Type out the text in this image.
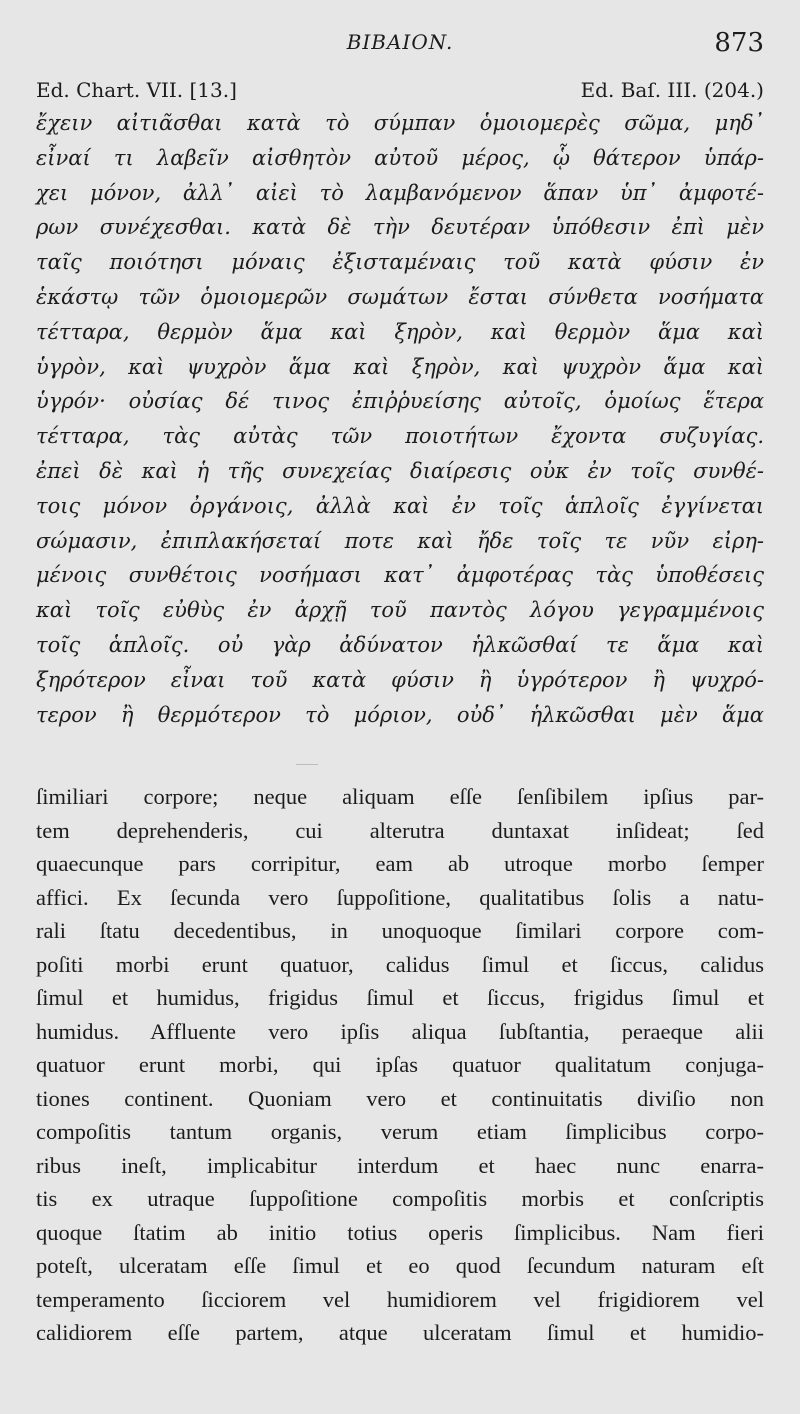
BIBAION.	873
Ed. Chart. VII. [13.]	Ed. Baſ. III. (204.)
ἔχειν αἰτιᾶσθαι κατὰ τὸ σύμπαν ὁμοιομερὲς σῶμα, μηδ᾽
εἶναί τι λαβεῖν αἰσθητὸν αὐτοῦ μέρος, ᾧ θάτερον ὑπάρ-
χει μόνον, ἀλλ᾽ αἰεὶ τὸ λαμβανόμενον ἅπαν ὑπ᾽ ἀμφοτέ-
ρων συνέχεσθαι. κατὰ δὲ τὴν δευτέραν ὑπόθεσιν ἐπὶ μὲν
ταῖς ποιότησι μόναις ἐξισταμέναις τοῦ κατὰ φύσιν ἐν
ἑκάστῳ τῶν ὁμοιομερῶν σωμάτων ἔσται σύνθετα νοσήματα
τέτταρα, θερμὸν ἅμα καὶ ξηρὸν, καὶ θερμὸν ἅμα καὶ
ὑγρὸν, καὶ ψυχρὸν ἅμα καὶ ξηρὸν, καὶ ψυχρὸν ἅμα καὶ
ὑγρόν· οὐσίας δέ τινος ἐπιῤῥυείσης αὐτοῖς, ὁμοίως ἕτερα
τέτταρα, τὰς αὐτὰς τῶν ποιοτήτων ἔχοντα συζυγίας.
ἐπεὶ δὲ καὶ ἡ τῆς συνεχείας διαίρεσις οὐκ ἐν τοῖς συνθέ-
τοις μόνον ὀργάνοις, ἀλλὰ καὶ ἐν τοῖς ἁπλοῖς ἐγγίνεται
σώμασιν, ἐπιπλακήσεταί ποτε καὶ ἤδε τοῖς τε νῦν εἰρη-
μένοις συνθέτοις νοσήμασι κατ᾽ ἀμφοτέρας τὰς ὑποθέσεις
καὶ τοῖς εὐθὺς ἐν ἀρχῇ τοῦ παντὸς λόγου γεγραμμένοις
τοῖς ἁπλοῖς. οὐ γὰρ ἀδύνατον ἡλκῶσθαί τε ἅμα καὶ
ξηρότερον εἶναι τοῦ κατὰ φύσιν ἢ ὑγρότερον ἢ ψυχρό-
τερον ἢ θερμότερον τὸ μόριον, οὐδ᾽ ἡλκῶσθαι μὲν ἅμα
ſimiliari corpore; neque aliquam eſſe ſenſibilem ipſius par-
tem deprehenderis, cui alterutra duntaxat inſideat; ſed
quaecunque pars corripitur, eam ab utroque morbo ſemper
affici. Ex ſecunda vero ſuppoſitione, qualitatibus ſolis a natu-
rali ſtatu decedentibus, in unoquoque ſimilari corpore com-
poſiti morbi erunt quatuor, calidus ſimul et ſiccus, calidus
ſimul et humidus, frigidus ſimul et ſiccus, frigidus ſimul et
humidus. Affluente vero ipſis aliqua ſubſtantia, peraeque alii
quatuor erunt morbi, qui ipſas quatuor qualitatum conjuga-
tiones continent. Quoniam vero et continuitatis diviſio non
compoſitis tantum organis, verum etiam ſimplicibus corpo-
ribus ineſt, implicabitur interdum et haec nunc enarra-
tis ex utraque ſuppoſitione compoſitis morbis et conſcriptis
quoque ſtatim ab initio totius operis ſimplicibus. Nam fieri
poteſt, ulceratam eſſe ſimul et eo quod ſecundum naturam eſt
temperamento ſicciorem vel humidiorem vel frigidiorem vel
calidiorem eſſe partem, atque ulceratam ſimul et humidio-
